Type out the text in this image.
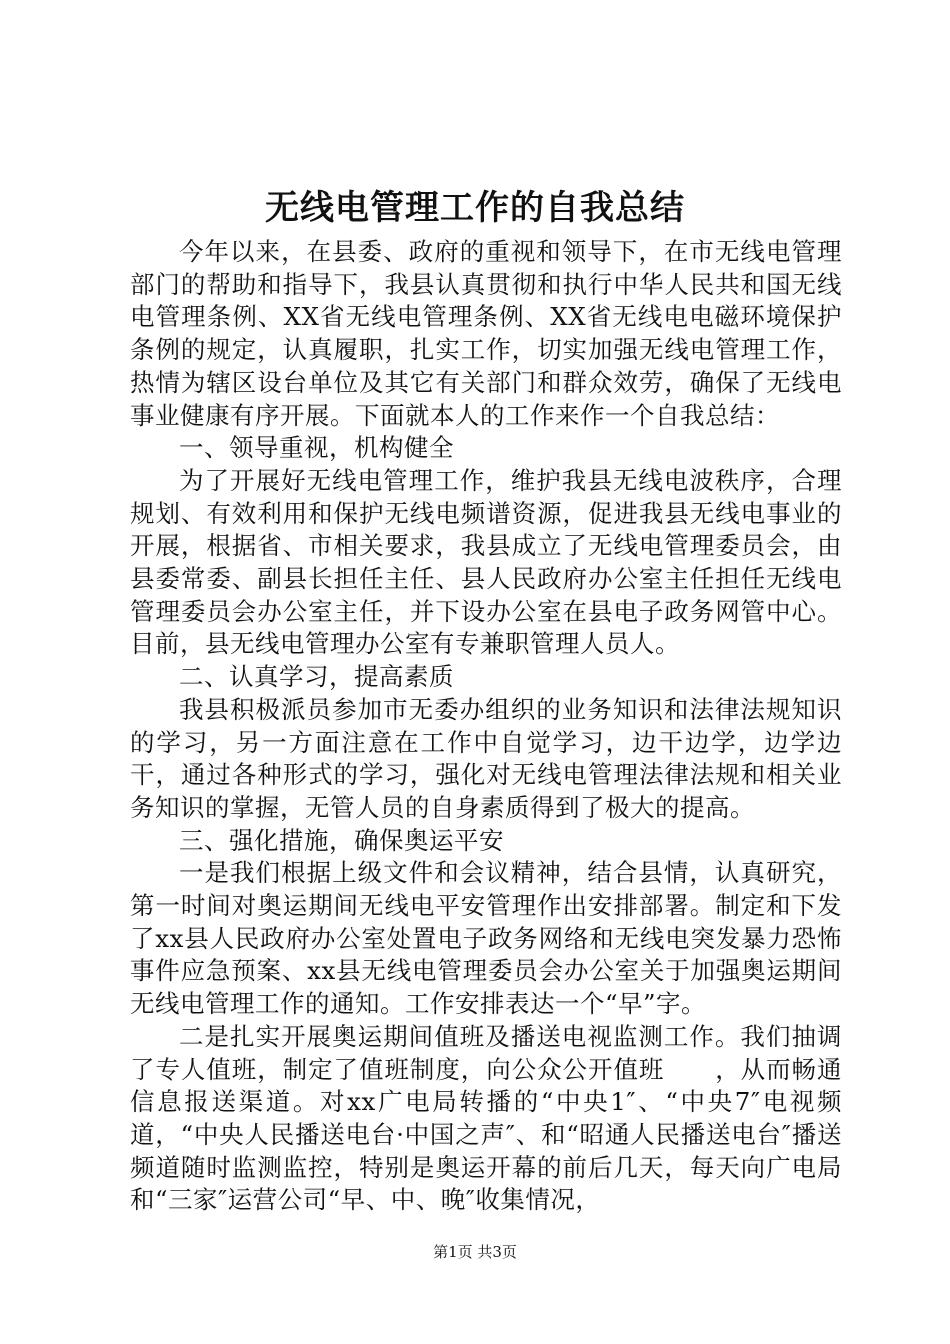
无线电管理工作的自我总结

今年以来，在县委、政府的重视和领导下，在市无线电管理部门的帮助和指导下，我县认真贯彻和执行中华人民共和国无线电管理条例、XX省无线电管理条例、XX省无线电电磁环境保护条例的规定，认真履职，扎实工作，切实加强无线电管理工作，热情为辖区设台单位及其它有关部门和群众效劳，确保了无线电事业健康有序开展。下面就本人的工作来作一个自我总结：

一、领导重视，机构健全

为了开展好无线电管理工作，维护我县无线电波秩序，合理规划、有效利用和保护无线电频谱资源，促进我县无线电事业的开展，根据省、市相关要求，我县成立了无线电管理委员会，由县委常委、副县长担任主任、县人民政府办公室主任担任无线电管理委员会办公室主任，并下设办公室在县电子政务网管中心。目前，县无线电管理办公室有专兼职管理人员人。

二、认真学习，提高素质

我县积极派员参加市无委办组织的业务知识和法律法规知识的学习，另一方面注意在工作中自觉学习，边干边学，边学边干，通过各种形式的学习，强化对无线电管理法律法规和相关业务知识的掌握，无管人员的自身素质得到了极大的提高。

三、强化措施，确保奥运平安

一是我们根据上级文件和会议精神，结合县情，认真研究，第一时间对奥运期间无线电平安管理作出安排部署。制定和下发了xx县人民政府办公室处置电子政务网络和无线电突发暴力恐怖事件应急预案、xx县无线电管理委员会办公室关于加强奥运期间无线电管理工作的通知。工作安排表达一个“早”字。

二是扎实开展奥运期间值班及播送电视监测工作。我们抽调了专人值班，制定了值班制度，向公众公开值班　　，从而畅通信息报送渠道。对xx广电局转播的“中央1″、“中央7″电视频道，“中央人民播送电台·中国之声″、和“昭通人民播送电台″播送频道随时监测监控，特别是奥运开幕的前后几天，每天向广电局和“三家″运营公司“早、中、晚″收集情况，

第1页 共3页
